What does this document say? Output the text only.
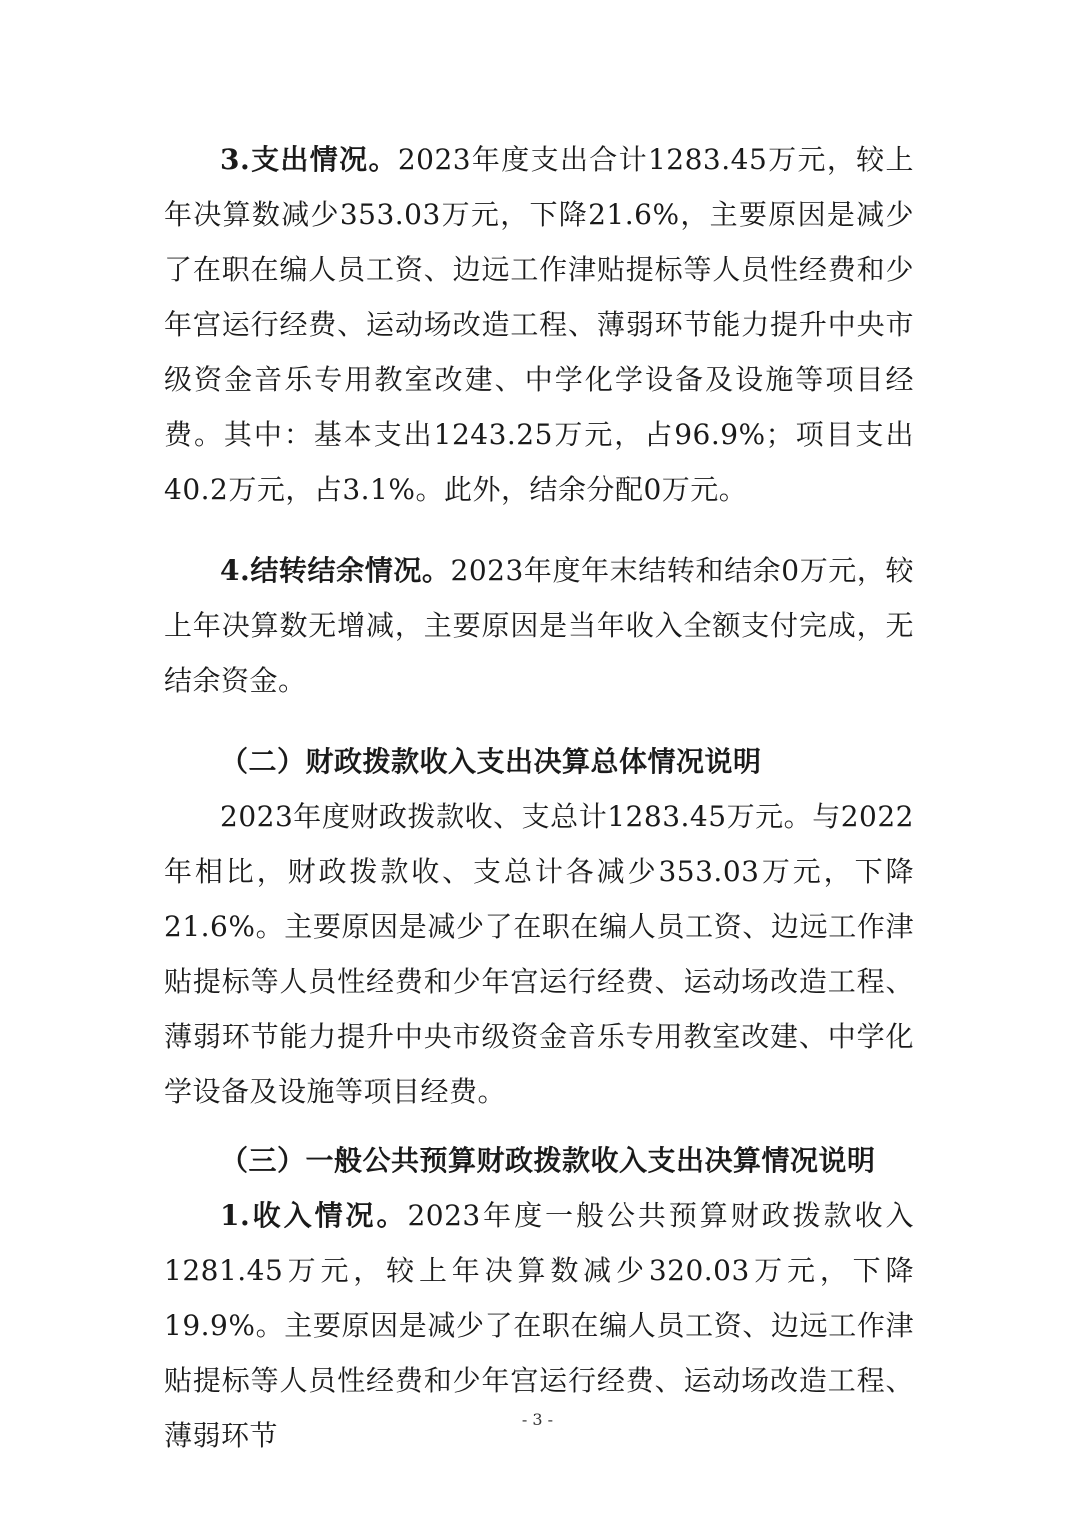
3.支出情况。2023年度支出合计1283.45万元，较上年决算数减少353.03万元，下降21.6%，主要原因是减少了在职在编人员工资、边远工作津贴提标等人员性经费和少年宫运行经费、运动场改造工程、薄弱环节能力提升中央市级资金音乐专用教室改建、中学化学设备及设施等项目经费。其中：基本支出1243.25万元，占96.9%；项目支出40.2万元，占3.1%。此外，结余分配0万元。

4.结转结余情况。2023年度年末结转和结余0万元，较上年决算数无增减，主要原因是当年收入全额支付完成，无结余资金。

（二）财政拨款收入支出决算总体情况说明

2023年度财政拨款收、支总计1283.45万元。与2022年相比，财政拨款收、支总计各减少353.03万元，下降21.6%。主要原因是减少了在职在编人员工资、边远工作津贴提标等人员性经费和少年宫运行经费、运动场改造工程、薄弱环节能力提升中央市级资金音乐专用教室改建、中学化学设备及设施等项目经费。

（三）一般公共预算财政拨款收入支出决算情况说明

1.收入情况。2023年度一般公共预算财政拨款收入1281.45万元，较上年决算数减少320.03万元，下降19.9%。主要原因是减少了在职在编人员工资、边远工作津贴提标等人员性经费和少年宫运行经费、运动场改造工程、薄弱环节	- 3 -
